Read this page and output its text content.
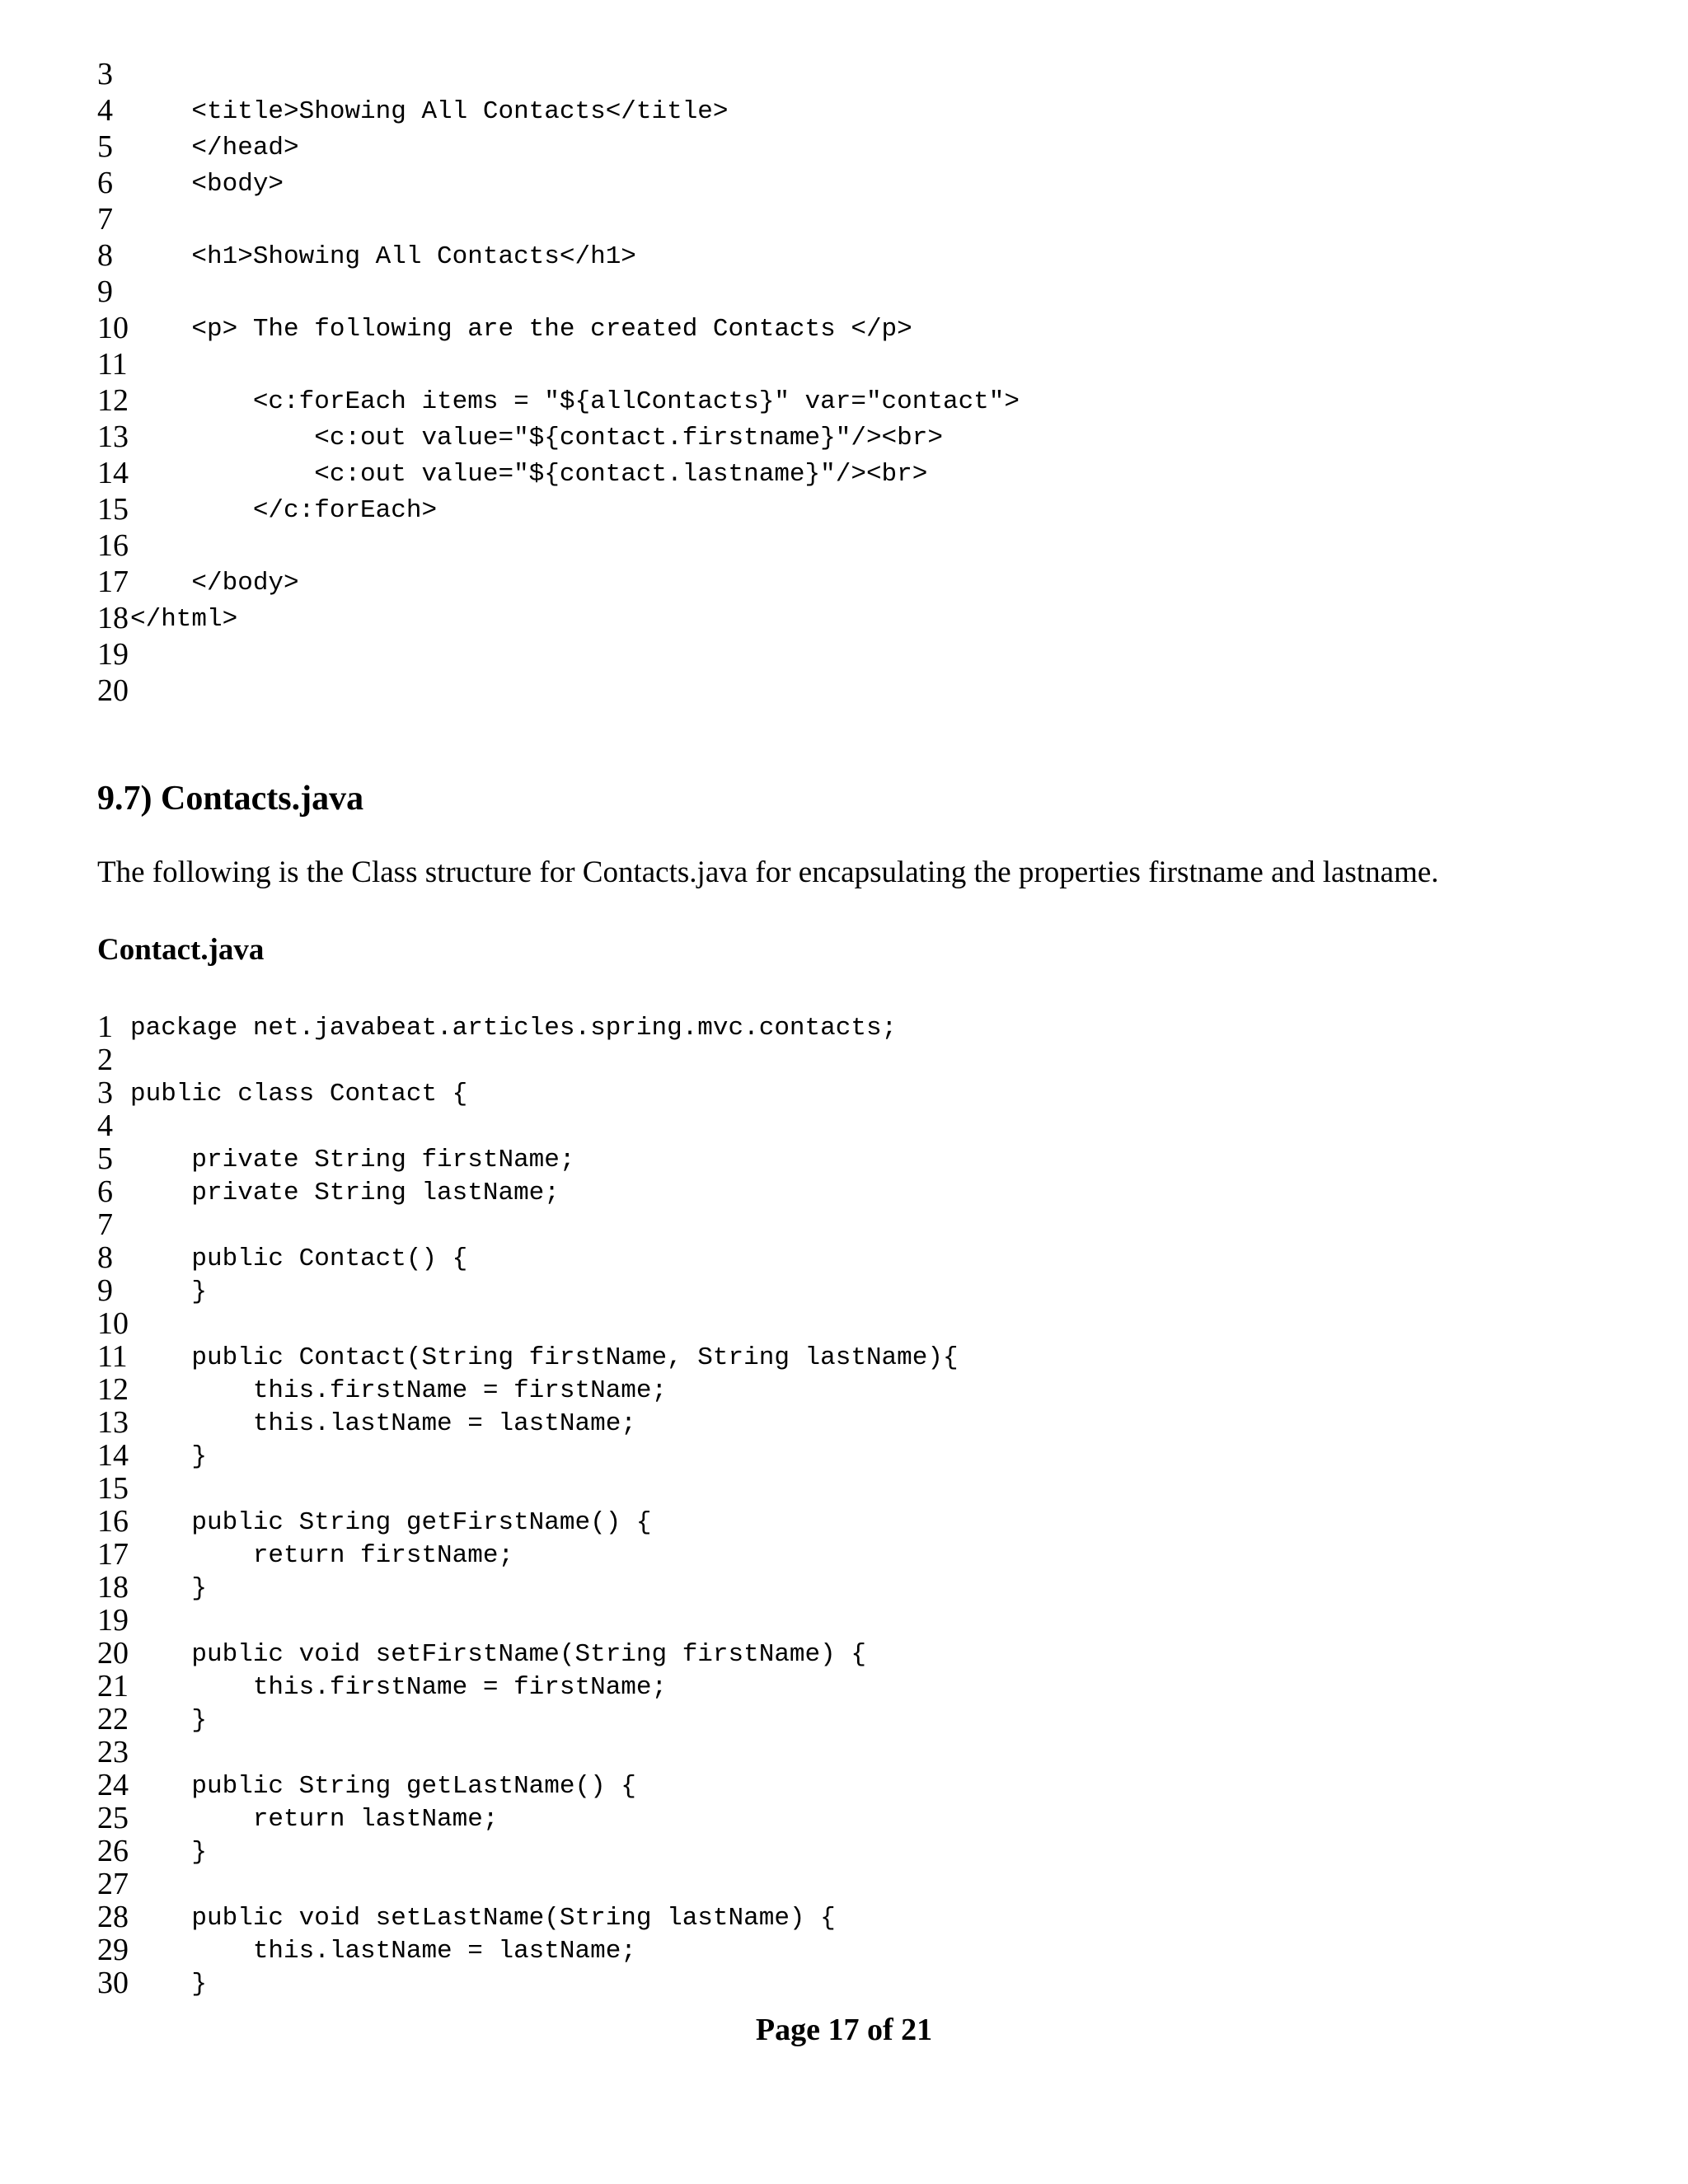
3
4 <title>Showing All Contacts</title>
5 </head>
6 <body>
7
8 <h1>Showing All Contacts</h1>
9
10 <p> The following are the created Contacts </p>
11
12 <c:forEach items = "${allContacts}" var="contact">
13 <c:out value="${contact.firstname}"/><br>
14 <c:out value="${contact.lastname}"/><br>
15 </c:forEach>
16
17 </body>
18 </html>
19
20
9.7) Contacts.java
The following is the Class structure for Contacts.java for encapsulating the properties firstname and lastname.
Contact.java
1 package net.javabeat.articles.spring.mvc.contacts;
2
3 public class Contact {
4
5 private String firstName;
6 private String lastName;
7
8 public Contact() {
9 }
10
11 public Contact(String firstName, String lastName){
12 this.firstName = firstName;
13 this.lastName = lastName;
14 }
15
16 public String getFirstName() {
17 return firstName;
18 }
19
20 public void setFirstName(String firstName) {
21 this.firstName = firstName;
22 }
23
24 public String getLastName() {
25 return lastName;
26 }
27
28 public void setLastName(String lastName) {
29 this.lastName = lastName;
30 }
Page 17 of 21
